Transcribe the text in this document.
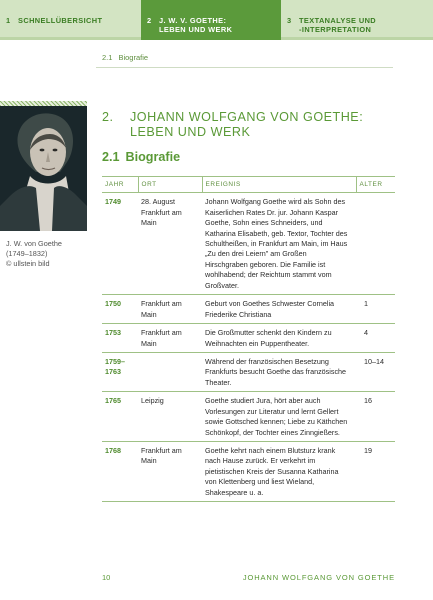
1 SCHNELLÜBERSICHT	2 J. W. V. GOETHE:
LEBEN UND WERK
3 TEXTANALYSE UND
-INTERPRETATION
2.1 Biografie
J. W. von Goethe
(1749–1832)
© ullstein bild
2. JOHANN WOLFGANG VON GOETHE:
LEBEN UND WERK
2.1 Biografie
JAHR	ORT	EREIGNIS	ALTER
1749	28. August Frankfurt am Main	Johann Wolfgang Goethe wird als Sohn des Kaiserlichen Rates Dr. jur. Johann Kaspar Goethe, Sohn eines Schneiders, und Katharina Elisabeth, geb. Textor, Tochter des Schultheißen, in Frankfurt am Main, im Haus „Zu den drei Leiern" am Großen Hirschgraben geboren. Die Familie ist wohlhabend; der Reichtum stammt vom Großvater.	
1750	Frankfurt am Main	Geburt von Goethes Schwester Cornelia Friederike Christiana	1
1753	Frankfurt am Main	Die Großmutter schenkt den Kindern zu Weihnachten ein Puppentheater.	4
1759–1763		Während der französischen Besetzung Frankfurts besucht Goethe das französische Theater.	10–14
1765	Leipzig	Goethe studiert Jura, hört aber auch Vorlesungen zur Literatur und lernt Gellert sowie Gottsched kennen; Liebe zu Käthchen Schönkopf, der Tochter eines Zinngießers.	16
1768	Frankfurt am Main	Goethe kehrt nach einem Blutsturz krank nach Hause zurück. Er verkehrt im pietistischen Kreis der Susanna Katharina von Klettenberg und liest Wieland, Shakespeare u. a.	19
10	JOHANN WOLFGANG VON GOETHE
